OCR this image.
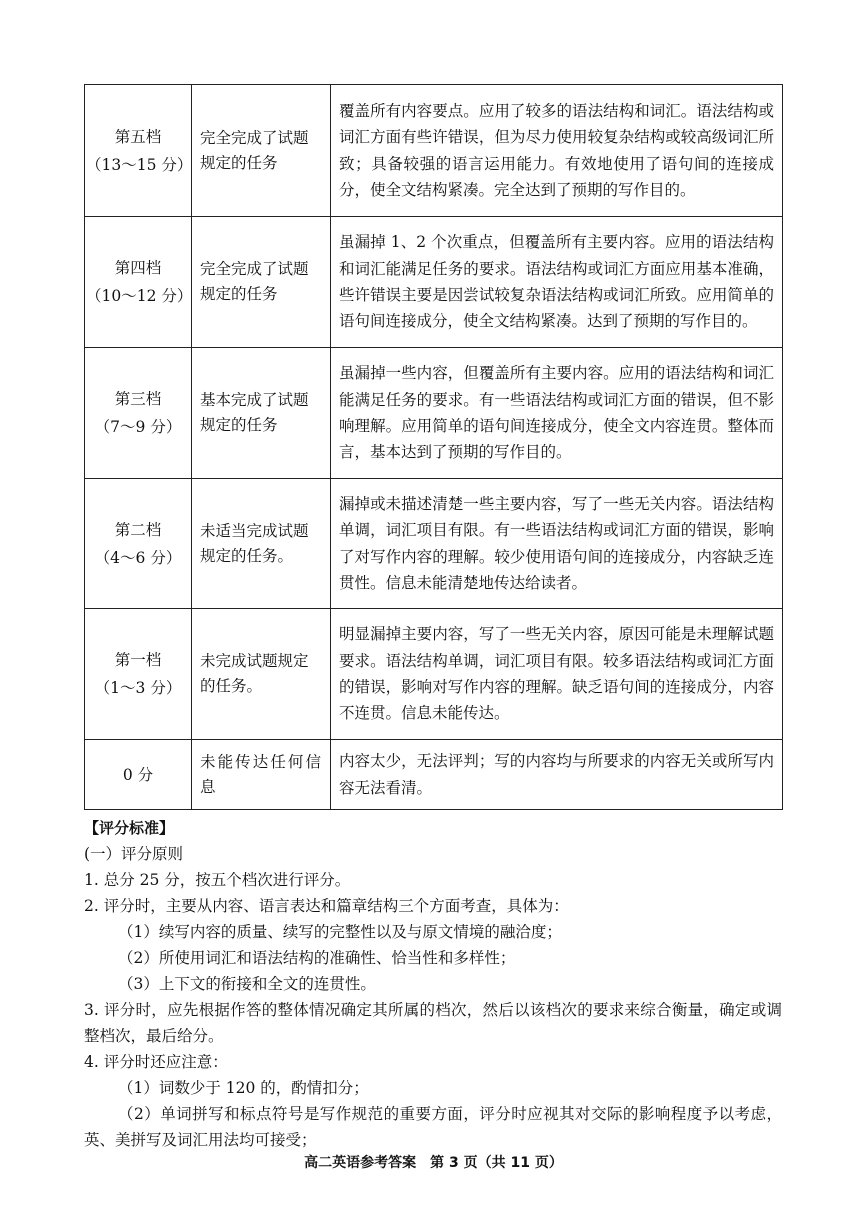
第五档
（13～15 分）	完全完成了试题规定的任务	覆盖所有内容要点。应用了较多的语法结构和词汇。语法结构或词汇方面有些许错误，但为尽力使用较复杂结构或较高级词汇所致；具备较强的语言运用能力。有效地使用了语句间的连接成分，使全文结构紧凑。完全达到了预期的写作目的。

第四档
（10～12 分）	完全完成了试题规定的任务	虽漏掉 1、2 个次重点，但覆盖所有主要内容。应用的语法结构和词汇能满足任务的要求。语法结构或词汇方面应用基本准确，些许错误主要是因尝试较复杂语法结构或词汇所致。应用简单的语句间连接成分，使全文结构紧凑。达到了预期的写作目的。

第三档
（7～9 分）	基本完成了试题规定的任务	虽漏掉一些内容，但覆盖所有主要内容。应用的语法结构和词汇能满足任务的要求。有一些语法结构或词汇方面的错误，但不影响理解。应用简单的语句间连接成分，使全文内容连贯。整体而言，基本达到了预期的写作目的。

第二档
（4～6 分）	未适当完成试题规定的任务。	漏掉或未描述清楚一些主要内容，写了一些无关内容。语法结构单调，词汇项目有限。有一些语法结构或词汇方面的错误，影响了对写作内容的理解。较少使用语句间的连接成分，内容缺乏连贯性。信息未能清楚地传达给读者。

第一档
（1～3 分）	未完成试题规定的任务。	明显漏掉主要内容，写了一些无关内容，原因可能是未理解试题要求。语法结构单调，词汇项目有限。较多语法结构或词汇方面的错误，影响对写作内容的理解。缺乏语句间的连接成分，内容不连贯。信息未能传达。

0 分	未能传达任何信息	内容太少，无法评判；写的内容均与所要求的内容无关或所写内容无法看清。

【评分标准】

(一）评分原则

1. 总分 25 分，按五个档次进行评分。

2. 评分时，主要从内容、语言表达和篇章结构三个方面考查，具体为：

（1）续写内容的质量、续写的完整性以及与原文情境的融洽度；

（2）所使用词汇和语法结构的准确性、恰当性和多样性；

（3）上下文的衔接和全文的连贯性。

3. 评分时，应先根据作答的整体情况确定其所属的档次，然后以该档次的要求来综合衡量，确定或调整档次，最后给分。

4. 评分时还应注意：

（1）词数少于 120 的，酌情扣分；

（2）单词拼写和标点符号是写作规范的重要方面，评分时应视其对交际的影响程度予以考虑，英、美拼写及词汇用法均可接受；

高二英语参考答案　第 3 页（共 11 页）
